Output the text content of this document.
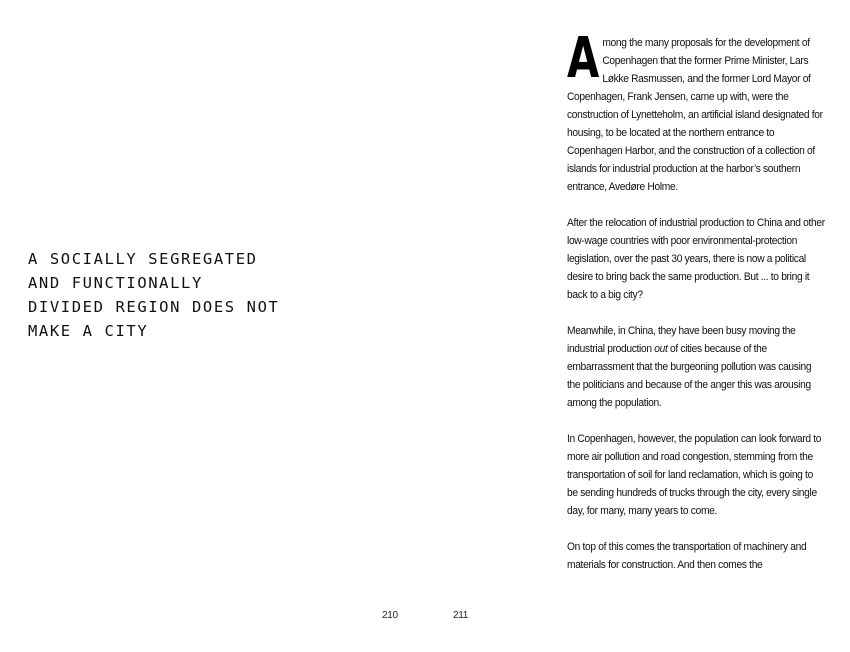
A SOCIALLY SEGREGATED
AND FUNCTIONALLY
DIVIDED REGION DOES NOT
MAKE A CITY
210

Among the many proposals for the development of Copenhagen that the former Prime Minister, Lars Løkke Rasmussen, and the former Lord Mayor of Copenhagen, Frank Jensen, came up with, were the construction of Lynetteholm, an artificial island designated for housing, to be located at the northern entrance to Copenhagen Harbor, and the construction of a collection of islands for industrial production at the harbor’s southern entrance, Avedøre Holme.

After the relocation of industrial production to China and other low-wage countries with poor environmental-protection legislation, over the past 30 years, there is now a political desire to bring back the same production. But ... to bring it back to a big city?

Meanwhile, in China, they have been busy moving the industrial production out of cities because of the embarrassment that the burgeoning pollution was causing the politicians and because of the anger this was arousing among the population.

In Copenhagen, however, the population can look forward to more air pollution and road congestion, stemming from the transportation of soil for land reclamation, which is going to be sending hundreds of trucks through the city, every single day, for many, many years to come.

On top of this comes the transportation of machinery and materials for construction. And then comes the

211
